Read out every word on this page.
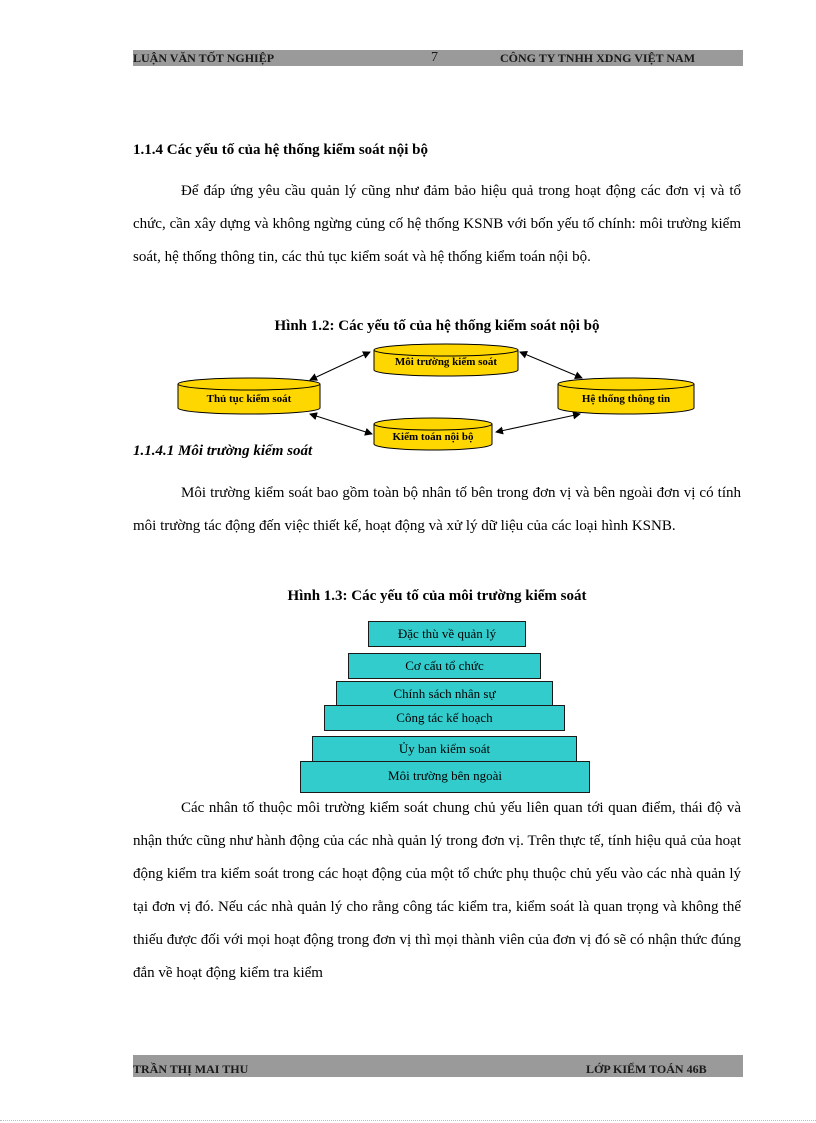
LUẬN VĂN TỐT NGHIỆP	7	CÔNG TY TNHH XDNG VIỆT NAM
1.1.4 Các yếu tố của hệ thống kiểm soát nội bộ
Để đáp ứng yêu cầu quản lý cũng như đảm bảo hiệu quả trong hoạt động các đơn vị và tổ chức, cần xây dựng và không ngừng củng cố hệ thống KSNB với bốn yếu tố chính: môi trường kiểm soát, hệ thống thông tin, các thủ tục kiểm soát và hệ thống kiểm toán nội bộ.
Hình 1.2: Các yếu tố của hệ thống kiểm soát nội bộ
Môi trường kiểm soát
Thủ tục kiểm soát	Hệ thống thông tin
Kiểm toán nội bộ
1.1.4.1 Môi trường kiểm soát
Môi trường kiểm soát bao gồm toàn bộ nhân tố bên trong đơn vị và bên ngoài đơn vị có tính môi trường tác động đến việc thiết kế, hoạt động và xử lý dữ liệu của các loại hình KSNB.
Hình 1.3: Các yếu tố của môi trường kiểm soát
Đặc thù về quản lý
Cơ cấu tổ chức
Chính sách nhân sự
Công tác kế hoạch
Ủy ban kiểm soát
Môi trường bên ngoài
Các nhân tố thuộc môi trường kiểm soát chung chủ yếu liên quan tới quan điểm, thái độ và nhận thức cũng như hành động của các nhà quản lý trong đơn vị. Trên thực tế, tính hiệu quả của hoạt động kiểm tra kiểm soát trong các hoạt động của một tổ chức phụ thuộc chủ yếu vào các nhà quản lý tại đơn vị đó. Nếu các nhà quản lý cho rằng công tác kiểm tra, kiểm soát là quan trọng và không thể thiếu được đối với mọi hoạt động trong đơn vị thì mọi thành viên của đơn vị đó sẽ có nhận thức đúng đắn về hoạt động kiểm tra kiểm
TRẦN THỊ MAI THU	LỚP KIỂM TOÁN 46B
